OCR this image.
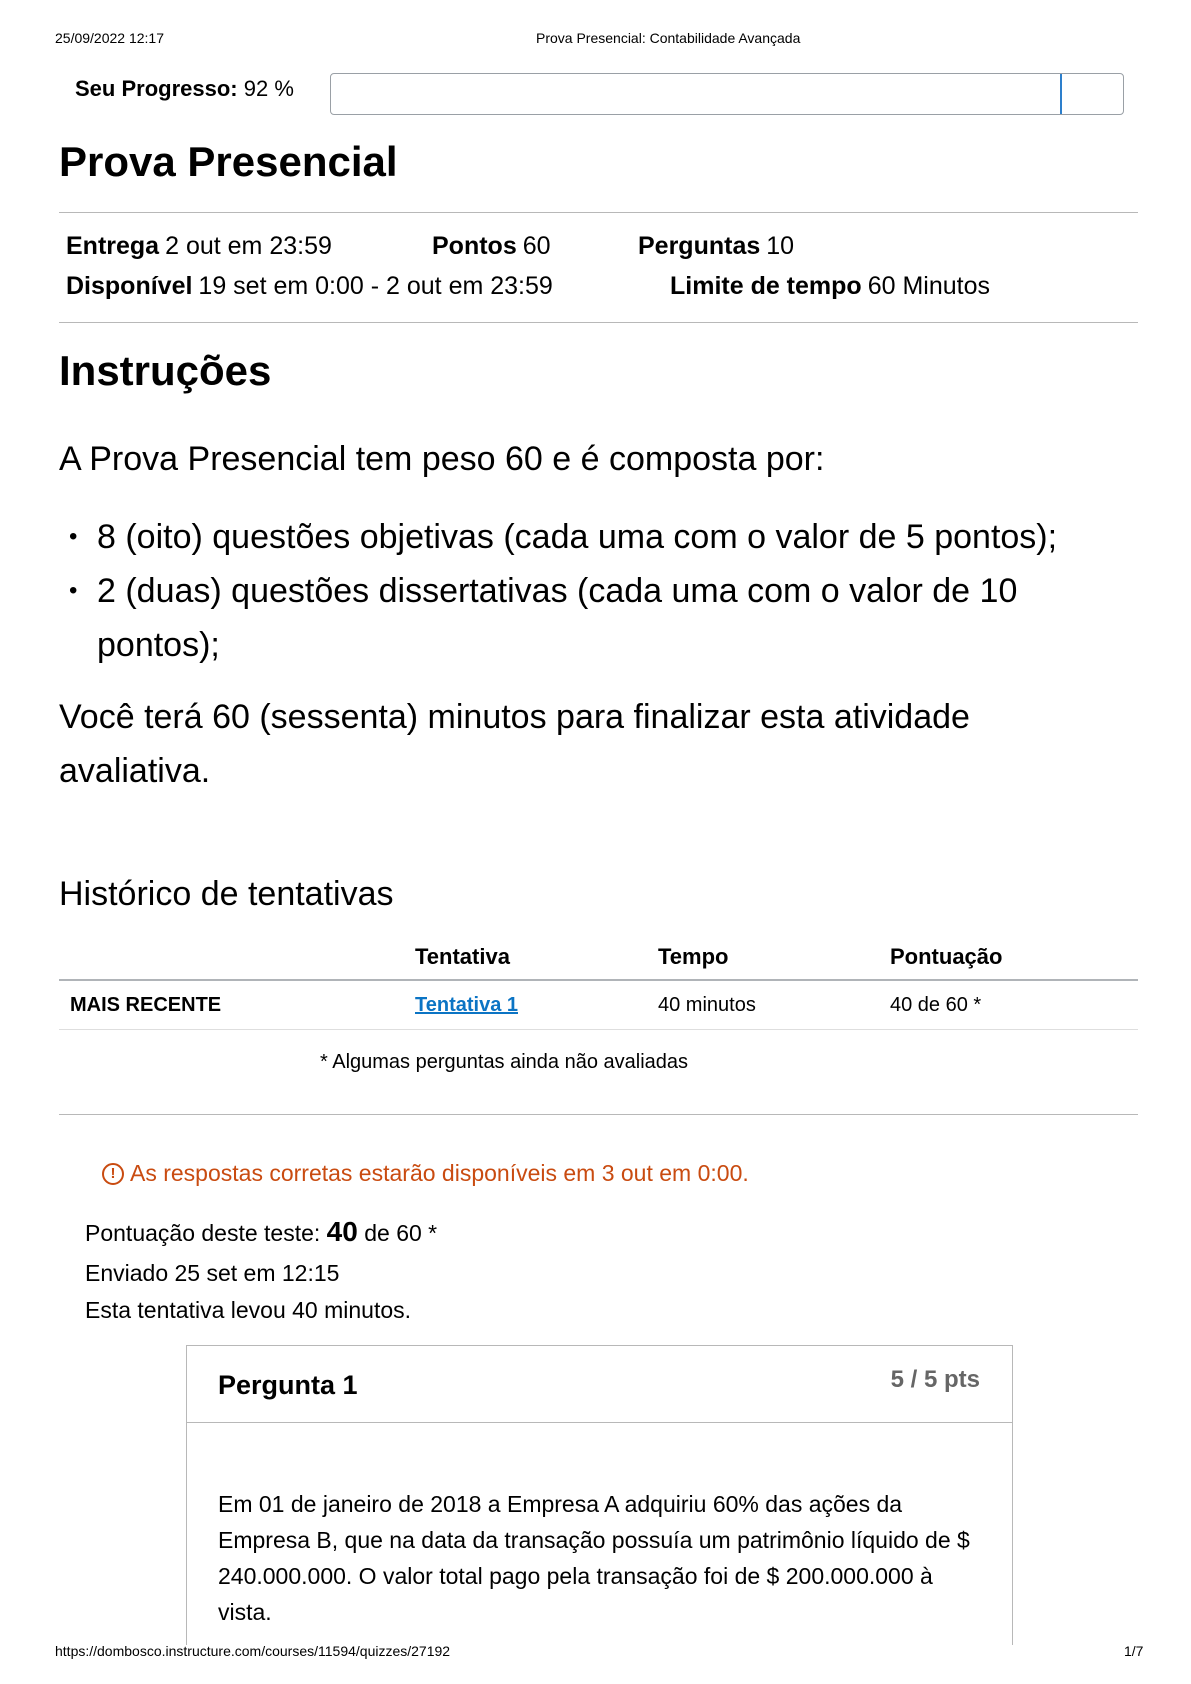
25/09/2022 12:17	Prova Presencial: Contabilidade Avançada
Seu Progresso: 92 %
Prova Presencial
Entrega 2 out em 23:59	Pontos 60	Perguntas 10
Disponível 19 set em 0:00 - 2 out em 23:59	Limite de tempo 60 Minutos
Instruções
A Prova Presencial tem peso 60 e é composta por:
• 8 (oito) questões objetivas (cada uma com o valor de 5 pontos);
• 2 (duas) questões dissertativas (cada uma com o valor de 10 pontos);
Você terá 60 (sessenta) minutos para finalizar esta atividade avaliativa.
Histórico de tentativas
	Tentativa	Tempo	Pontuação
MAIS RECENTE	Tentativa 1	40 minutos	40 de 60 *
* Algumas perguntas ainda não avaliadas
! As respostas corretas estarão disponíveis em 3 out em 0:00.
Pontuação deste teste: 40 de 60 *
Enviado 25 set em 12:15
Esta tentativa levou 40 minutos.
Pergunta 1	5 / 5 pts
Em 01 de janeiro de 2018 a Empresa A adquiriu 60% das ações da Empresa B, que na data da transação possuía um patrimônio líquido de $ 240.000.000. O valor total pago pela transação foi de $ 200.000.000 à vista.
https://dombosco.instructure.com/courses/11594/quizzes/27192	1/7
